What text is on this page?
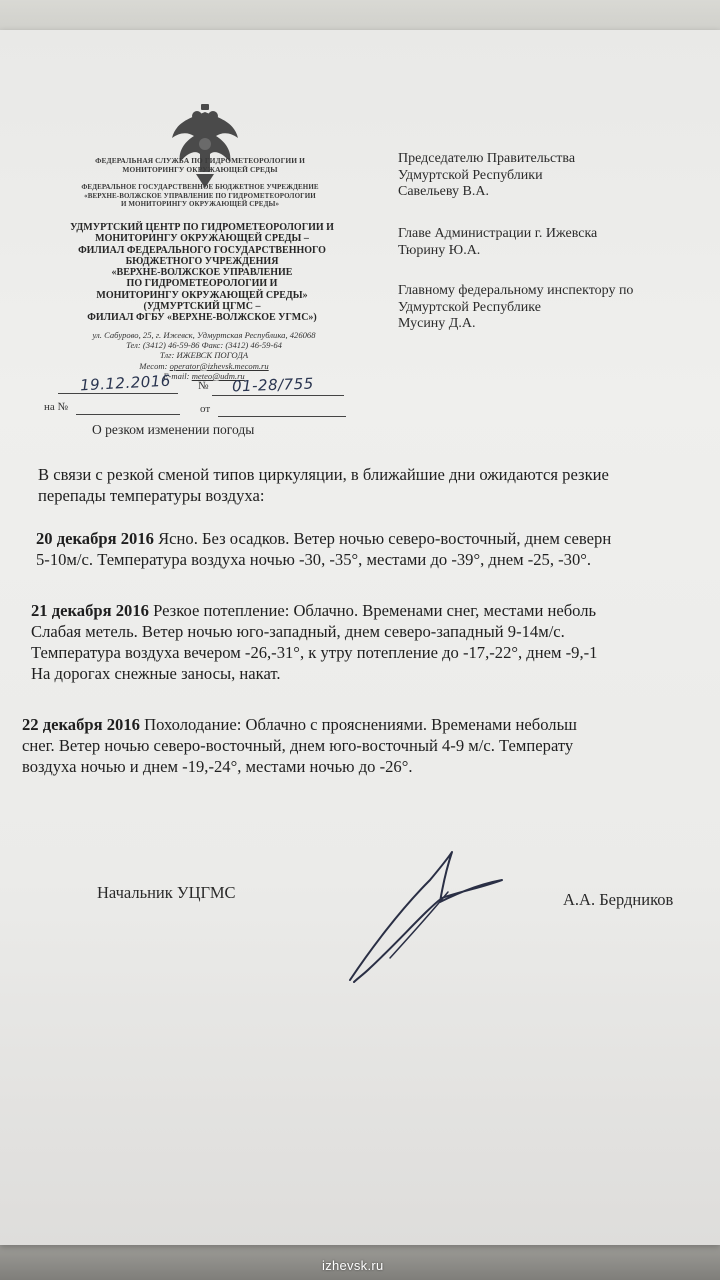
ФЕДЕРАЛЬНАЯ СЛУЖБА ПО ГИДРОМЕТЕОРОЛОГИИ И
МОНИТОРИНГУ ОКРУЖАЮЩЕЙ СРЕДЫ
ФЕДЕРАЛЬНОЕ ГОСУДАРСТВЕННОЕ БЮДЖЕТНОЕ УЧРЕЖДЕНИЕ
«ВЕРХНЕ-ВОЛЖСКОЕ УПРАВЛЕНИЕ ПО ГИДРОМЕТЕОРОЛОГИИ
И МОНИТОРИНГУ ОКРУЖАЮЩЕЙ СРЕДЫ»
УДМУРТСКИЙ ЦЕНТР ПО ГИДРОМЕТЕОРОЛОГИИ И
МОНИТОРИНГУ ОКРУЖАЮЩЕЙ СРЕДЫ –
ФИЛИАЛ ФЕДЕРАЛЬНОГО ГОСУДАРСТВЕННОГО
БЮДЖЕТНОГО УЧРЕЖДЕНИЯ
«ВЕРХНЕ-ВОЛЖСКОЕ УПРАВЛЕНИЕ
ПО ГИДРОМЕТЕОРОЛОГИИ И
МОНИТОРИНГУ ОКРУЖАЮЩЕЙ СРЕДЫ»
(УДМУРТСКИЙ ЦГМС –
ФИЛИАЛ ФГБУ «ВЕРХНЕ-ВОЛЖСКОЕ УГМС»)
ул. Сабурово, 25, г. Ижевск, Удмуртская Республика, 426068
Тел: (3412) 46-59-86 Факс: (3412) 46-59-64
Тлг: ИЖЕВСК ПОГОДА
Mecom: operator@izhevsk.mecom.ru
E-mail: meteo@udm.ru
19.12.2016 № 01-28/755
на №	от
О резком изменении погоды
Председателю Правительства
Удмуртской Республики
Савельеву В.А.
Главе Администрации г. Ижевска
Тюрину Ю.А.
Главному федеральному инспектору по
Удмуртской Республике
Мусину Д.А.
В связи с резкой сменой типов циркуляции, в ближайшие дни ожидаются резкие
перепады температуры воздуха:
20 декабря 2016 Ясно. Без осадков. Ветер ночью северо-восточный, днем северн
5-10м/с. Температура воздуха ночью -30, -35°, местами до -39°, днем -25, -30°.
21 декабря 2016 Резкое потепление: Облачно. Временами снег, местами неболь
Слабая метель. Ветер ночью юго-западный, днем северо-западный 9-14м/с.
Температура воздуха вечером -26,-31°, к утру потепление до -17,-22°, днем -9,-1
На дорогах снежные заносы, накат.
22 декабря 2016 Похолодание: Облачно с прояснениями. Временами небольш
снег. Ветер ночью северо-восточный, днем юго-восточный 4-9 м/с. Температу
воздуха ночью и днем -19,-24°, местами ночью до -26°.
Начальник УЦГМС	А.А. Бердников
izhevsk.ru
